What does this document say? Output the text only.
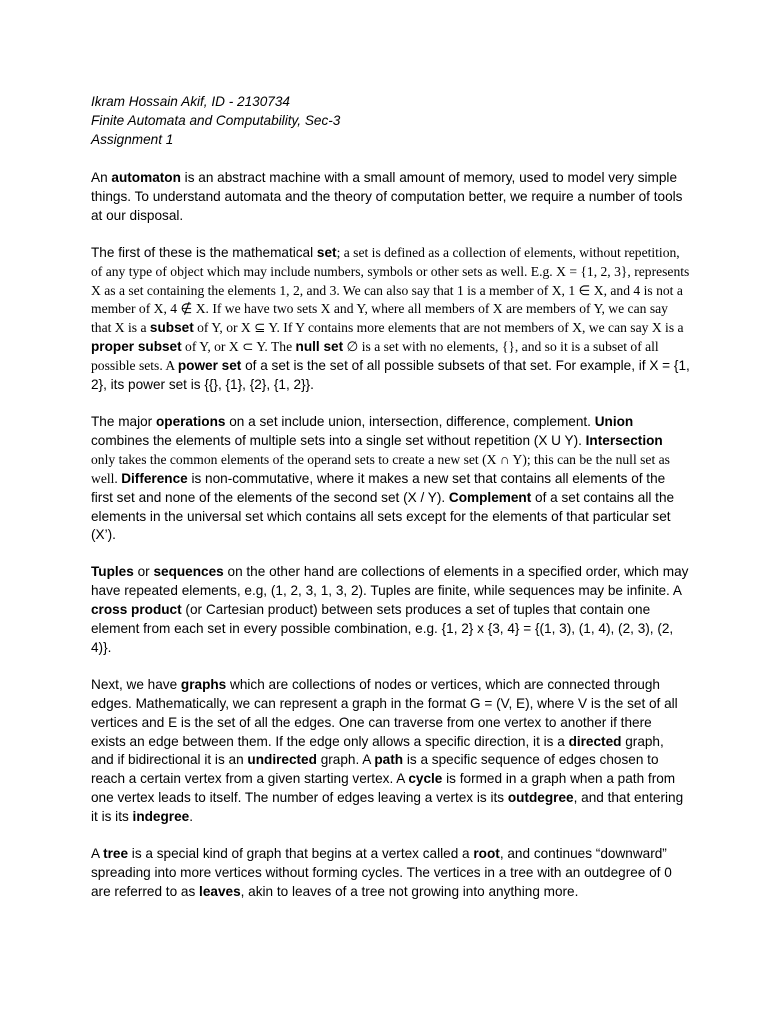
Ikram Hossain Akif, ID - 2130734

Finite Automata and Computability, Sec-3

Assignment 1

An automaton is an abstract machine with a small amount of memory, used to model very simple things. To understand automata and the theory of computation better, we require a number of tools at our disposal.

The first of these is the mathematical set; a set is defined as a collection of elements, without repetition, of any type of object which may include numbers, symbols or other sets as well. E.g. X = {1, 2, 3}, represents X as a set containing the elements 1, 2, and 3. We can also say that 1 is a member of X, 1 ∈ X, and 4 is not a member of X, 4 ∉ X. If we have two sets X and Y, where all members of X are members of Y, we can say that X is a subset of Y, or X ⊆ Y. If Y contains more elements that are not members of X, we can say X is a proper subset of Y, or X ⊂ Y. The null set ∅ is a set with no elements, {}, and so it is a subset of all possible sets. A power set of a set is the set of all possible subsets of that set. For example, if X = {1, 2}, its power set is {{}, {1}, {2}, {1, 2}}.

The major operations on a set include union, intersection, difference, complement. Union combines the elements of multiple sets into a single set without repetition (X U Y). Intersection only takes the common elements of the operand sets to create a new set (X ∩ Y); this can be the null set as well. Difference is non-commutative, where it makes a new set that contains all elements of the first set and none of the elements of the second set (X / Y). Complement of a set contains all the elements in the universal set which contains all sets except for the elements of that particular set (X’).

Tuples or sequences on the other hand are collections of elements in a specified order, which may have repeated elements, e.g, (1, 2, 3, 1, 3, 2). Tuples are finite, while sequences may be infinite. A cross product (or Cartesian product) between sets produces a set of tuples that contain one element from each set in every possible combination, e.g. {1, 2} x {3, 4} = {(1, 3), (1, 4), (2, 3), (2, 4)}.

Next, we have graphs which are collections of nodes or vertices, which are connected through edges. Mathematically, we can represent a graph in the format G = (V, E), where V is the set of all vertices and E is the set of all the edges. One can traverse from one vertex to another if there exists an edge between them. If the edge only allows a specific direction, it is a directed graph, and if bidirectional it is an undirected graph. A path is a specific sequence of edges chosen to reach a certain vertex from a given starting vertex. A cycle is formed in a graph when a path from one vertex leads to itself. The number of edges leaving a vertex is its outdegree, and that entering it is its indegree.

A tree is a special kind of graph that begins at a vertex called a root, and continues “downward” spreading into more vertices without forming cycles. The vertices in a tree with an outdegree of 0 are referred to as leaves, akin to leaves of a tree not growing into anything more.
